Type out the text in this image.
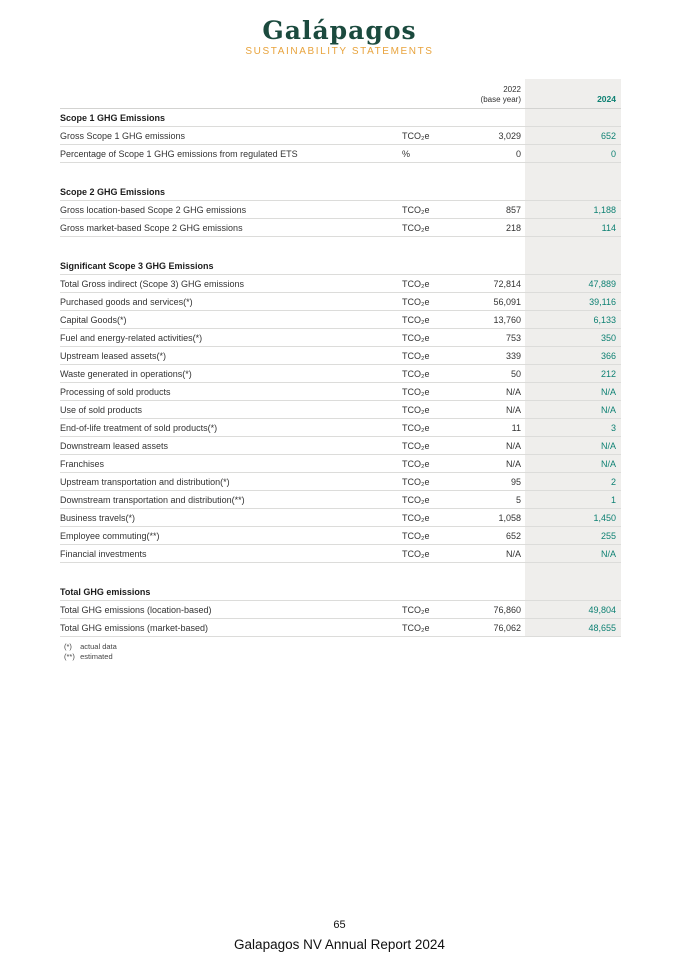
Galápagos
SUSTAINABILITY STATEMENTS
2022
(base year)	2024
Scope 1 GHG Emissions
Gross Scope 1 GHG emissions	TCO₂e	3,029	652
Percentage of Scope 1 GHG emissions from regulated ETS	%	0	0
Scope 2 GHG Emissions
Gross location-based Scope 2 GHG emissions	TCO₂e	857	1,188
Gross market-based Scope 2 GHG emissions	TCO₂e	218	114
Significant Scope 3 GHG Emissions
Total Gross indirect (Scope 3) GHG emissions	TCO₂e	72,814	47,889
Purchased goods and services(*)	TCO₂e	56,091	39,116
Capital Goods(*)	TCO₂e	13,760	6,133
Fuel and energy-related activities(*)	TCO₂e	753	350
Upstream leased assets(*)	TCO₂e	339	366
Waste generated in operations(*)	TCO₂e	50	212
Processing of sold products	TCO₂e	N/A	N/A
Use of sold products	TCO₂e	N/A	N/A
End-of-life treatment of sold products(*)	TCO₂e	11	3
Downstream leased assets	TCO₂e	N/A	N/A
Franchises	TCO₂e	N/A	N/A
Upstream transportation and distribution(*)	TCO₂e	95	2
Downstream transportation and distribution(**)	TCO₂e	5	1
Business travels(*)	TCO₂e	1,058	1,450
Employee commuting(**)	TCO₂e	652	255
Financial investments	TCO₂e	N/A	N/A
Total GHG emissions
Total GHG emissions (location-based)	TCO₂e	76,860	49,804
Total GHG emissions (market-based)	TCO₂e	76,062	48,655
(*) actual data
(**) estimated
65
Galapagos NV Annual Report 2024
